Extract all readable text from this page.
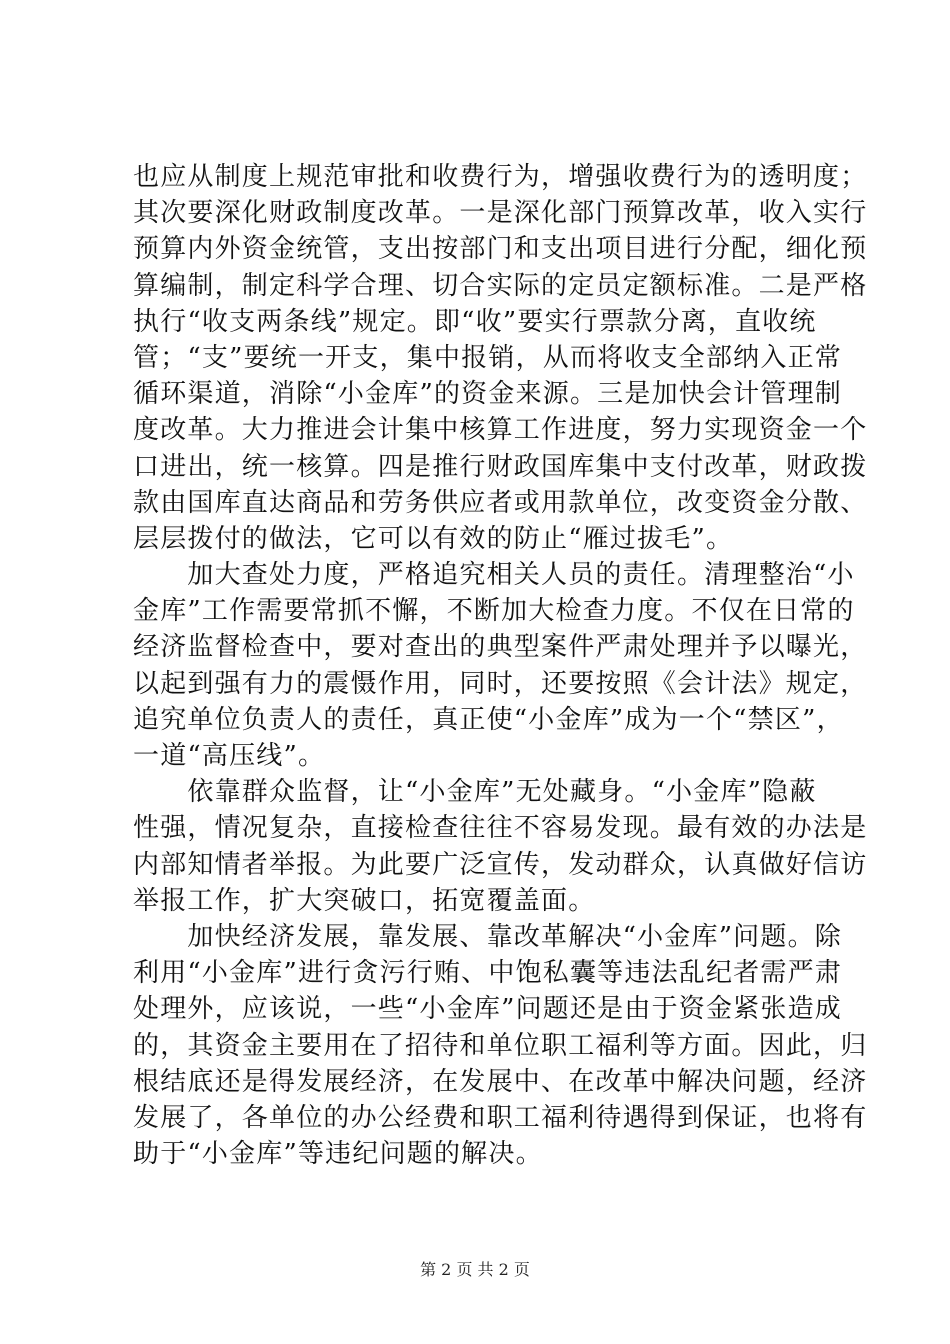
也应从制度上规范审批和收费行为，增强收费行为的透明度；

其次要深化财政制度改革。一是深化部门预算改革，收入实行

预算内外资金统管，支出按部门和支出项目进行分配，细化预

算编制，制定科学合理、切合实际的定员定额标准。二是严格

执行“收支两条线”规定。即“收”要实行票款分离，直收统

管；“支”要统一开支，集中报销，从而将收支全部纳入正常

循环渠道，消除“小金库”的资金来源。三是加快会计管理制

度改革。大力推进会计集中核算工作进度，努力实现资金一个

口进出，统一核算。四是推行财政国库集中支付改革，财政拨

款由国库直达商品和劳务供应者或用款单位，改变资金分散、

层层拨付的做法，它可以有效的防止“雁过拔毛”。

　　加大查处力度，严格追究相关人员的责任。清理整治“小

金库”工作需要常抓不懈，不断加大检查力度。不仅在日常的

经济监督检查中，要对查出的典型案件严肃处理并予以曝光，

以起到强有力的震慑作用，同时，还要按照《会计法》规定，

追究单位负责人的责任，真正使“小金库”成为一个“禁区”，

一道“高压线”。

　　依靠群众监督，让“小金库”无处藏身。“小金库”隐蔽

性强，情况复杂，直接检查往往不容易发现。最有效的办法是

内部知情者举报。为此要广泛宣传，发动群众，认真做好信访

举报工作，扩大突破口，拓宽覆盖面。

　　加快经济发展，靠发展、靠改革解决“小金库”问题。除

利用“小金库”进行贪污行贿、中饱私囊等违法乱纪者需严肃

处理外，应该说，一些“小金库”问题还是由于资金紧张造成

的，其资金主要用在了招待和单位职工福利等方面。因此，归

根结底还是得发展经济，在发展中、在改革中解决问题，经济

发展了，各单位的办公经费和职工福利待遇得到保证，也将有

助于“小金库”等违纪问题的解决。

第 2 页 共 2 页
